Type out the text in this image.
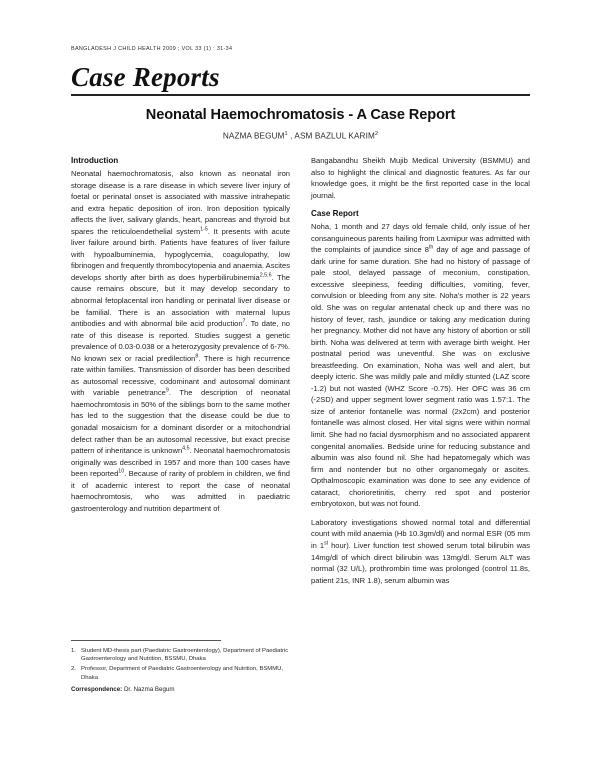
BANGLADESH J CHILD HEALTH 2009 ; VOL 33 (1) : 31-34
Case Reports
Neonatal Haemochromatosis - A Case Report
NAZMA BEGUM$^1$ , ASM BAZLUL KARIM$^2$
Introduction

Neonatal haemochromatosis, also known as neonatal iron storage disease is a rare disease in which severe liver injury of foetal or perinatal onset is associated with massive intrahepatic and extra hepatic deposition of iron. Iron deposition typically affects the liver, salivary glands, heart, pancreas and thyroid but spares the reticuloendethelial system$^{1-5}$. It presents with acute liver failure around birth. Patients have features of liver failure with hypoalbuminemia, hypoglycemia, coagulopathy, low fibrinogen and frequently thrombocytopenia and anaemia. Ascites develops shortly after birth as does hyperbilirubinemia$^{2,5,6}$. The cause remains obscure, but it may develop secondary to abnormal fetoplacental iron handling or perinatal liver disease or be familial. There is an association with maternal lupus antibodies and with abnormal bile acid production$^7$. To date, no rate of this disease is reported. Studies suggest a genetic prevalence of 0.03-0.038 or a heterozygosity prevalence of 6-7%. No known sex or racial predilection$^8$. There is high recurrence rate within families. Transmission of disorder has been described as autosomal recessive, codominant and autosomal dominant with variable penetrance$^9$. The description of neonatal haemochromtosis in 50% of the siblings born to the same mother has led to the suggestion that the disease could be due to gonadal mosaicism for a dominant disorder or a mitochondrial defect rather than be an autosomal recessive, but exact precise pattern of inheritance is unknown$^{4,5}$. Neonatal haemochromatosis originally was described in 1957 and more than 100 cases have been reported$^{10}$. Because of rarity of problem in children, we find it of academic interest to report the case of neonatal haemochromtosis, who was admitted in paediatric gastroenterology and nutrition department of

Bangabandhu Sheikh Mujib Medical University (BSMMU) and also to highlight the clinical and diagnostic features. As far our knowledge goes, it might be the first reported case in the local journal.

Case Report

Noha, 1 month and 27 days old female child, only issue of her consanguineous parents hailing from Laxmipur was admitted with the complaints of jaundice since 8th day of age and passage of dark urine for same duration. She had no history of passage of pale stool, delayed passage of meconium, constipation, excessive sleepiness, feeding difficulties, vomiting, fever, convulsion or bleeding from any site. Noha's mother is 22 years old. She was on regular antenatal check up and there was no history of fever, rash, jaundice or taking any medication during her pregnancy. Mother did not have any history of abortion or still birth. Noha was delivered at term with average birth weight. Her postnatal period was uneventful. She was on exclusive breastfeeding. On examination, Noha was well and alert, but deeply icteric. She was mildly pale and mildly stunted (LAZ score -1.2) but not wasted (WHZ Score -0.75). Her OFC was 36 cm (-2SD) and upper segment lower segment ratio was 1.57:1. The size of anterior fontanelle was normal (2x2cm) and posterior fontanelle was almost closed. Her vital signs were within normal limit. She had no facial dysmorphism and no associated apparent congenital anomalies. Bedside urine for reducing substance and albumin was also found nil. She had hepatomegaly which was firm and nontender but no other organomegaly or ascites. Opthalmoscopic examination was done to see any evidence of cataract, chorioretinitis, cherry red spot and posterior embryotoxon, but was not found.

Laboratory investigations showed normal total and differential count with mild anaemia (Hb 10.3gm/dl) and normal ESR (05 mm in 1st hour). Liver function test showed serum total bilirubin was 14mg/dl of which direct bilirubin was 13mg/dl. Serum ALT was normal (32 U/L), prothrombin time was prolonged (control 11.8s, patient 21s, INR 1.8), serum albumin was

1. Student MD-thesis part (Paediatric Gastroenterology), Department of Paediatric Gastroenterology and Nutrition, BSSMU, Dhaka
2. Professor, Department of Paediatric Gastroenterology and Nutrition, BSMMU, Dhaka
Correspondence: Dr. Nazma Begum
